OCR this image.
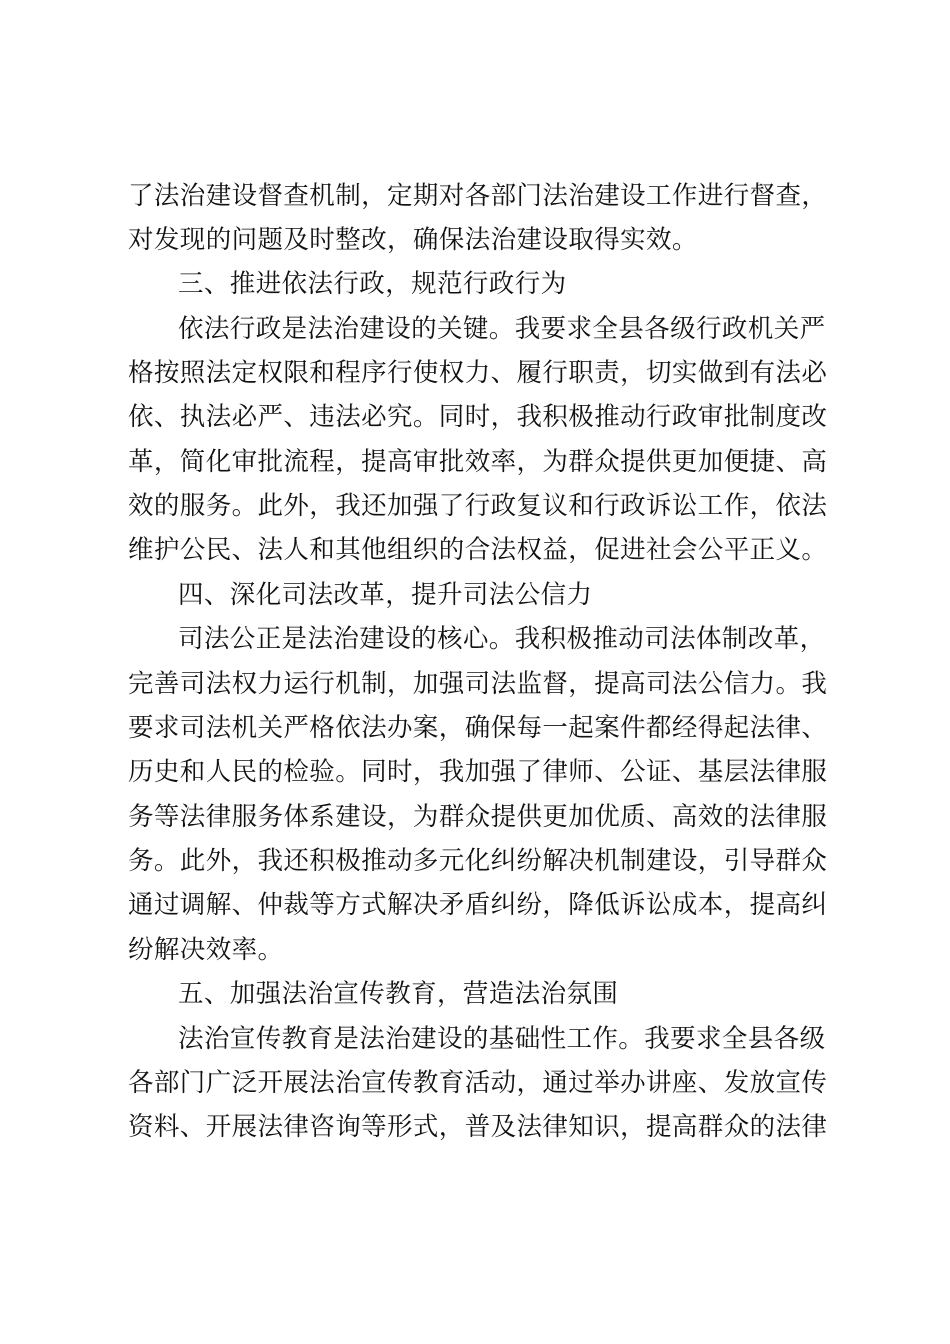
了法治建设督查机制，定期对各部门法治建设工作进行督查，
对发现的问题及时整改，确保法治建设取得实效。
三、推进依法行政，规范行政行为
依法行政是法治建设的关键。我要求全县各级行政机关严
格按照法定权限和程序行使权力、履行职责，切实做到有法必
依、执法必严、违法必究。同时，我积极推动行政审批制度改
革，简化审批流程，提高审批效率，为群众提供更加便捷、高
效的服务。此外，我还加强了行政复议和行政诉讼工作，依法
维护公民、法人和其他组织的合法权益，促进社会公平正义。
四、深化司法改革，提升司法公信力
司法公正是法治建设的核心。我积极推动司法体制改革，
完善司法权力运行机制，加强司法监督，提高司法公信力。我
要求司法机关严格依法办案，确保每一起案件都经得起法律、
历史和人民的检验。同时，我加强了律师、公证、基层法律服
务等法律服务体系建设，为群众提供更加优质、高效的法律服
务。此外，我还积极推动多元化纠纷解决机制建设，引导群众
通过调解、仲裁等方式解决矛盾纠纷，降低诉讼成本，提高纠
纷解决效率。
五、加强法治宣传教育，营造法治氛围
法治宣传教育是法治建设的基础性工作。我要求全县各级
各部门广泛开展法治宣传教育活动，通过举办讲座、发放宣传
资料、开展法律咨询等形式，普及法律知识，提高群众的法律
